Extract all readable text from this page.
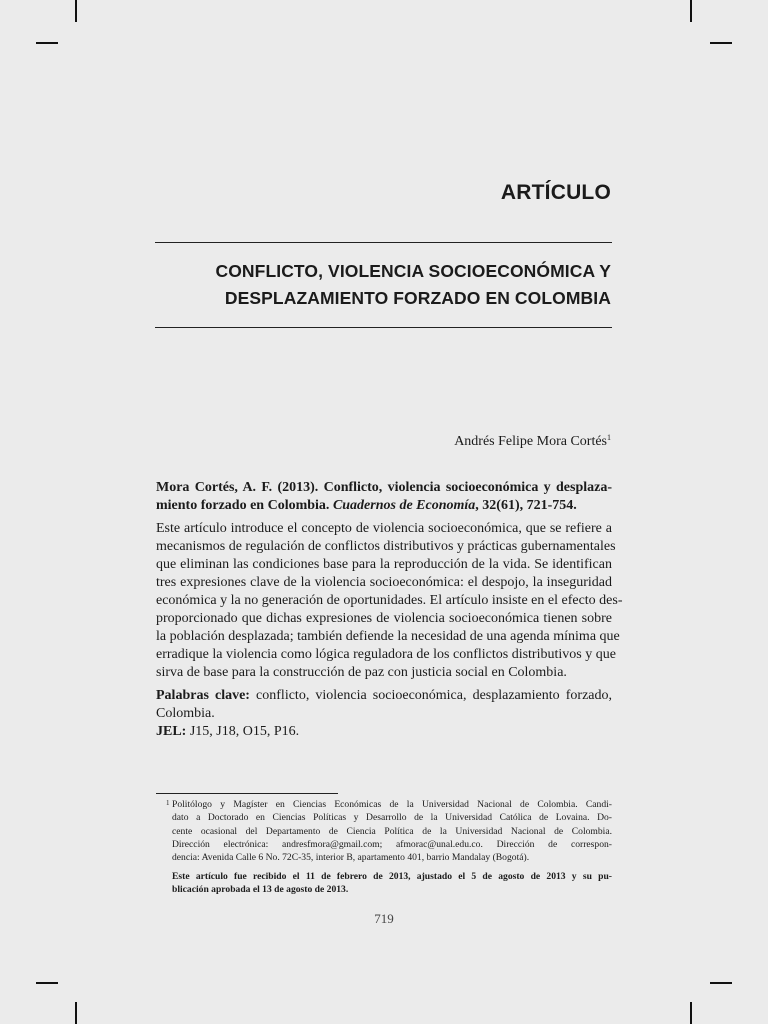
ARTÍCULO
CONFLICTO, VIOLENCIA SOCIOECONÓMICA Y
DESPLAZAMIENTO FORZADO EN COLOMBIA
Andrés Felipe Mora Cortés$^1$
Mora Cortés, A. F. (2013). Conflicto, violencia socioeconómica y desplaza-
miento forzado en Colombia. Cuadernos de Economía, 32(61), 721-754.
Este artículo introduce el concepto de violencia socioeconómica, que se refiere a
mecanismos de regulación de conflictos distributivos y prácticas gubernamentales
que eliminan las condiciones base para la reproducción de la vida. Se identifican
tres expresiones clave de la violencia socioeconómica: el despojo, la inseguridad
económica y la no generación de oportunidades. El artículo insiste en el efecto des-
proporcionado que dichas expresiones de violencia socioeconómica tienen sobre
la población desplazada; también defiende la necesidad de una agenda mínima que
erradique la violencia como lógica reguladora de los conflictos distributivos y que
sirva de base para la construcción de paz con justicia social en Colombia.
Palabras clave: conflicto, violencia socioeconómica, desplazamiento forzado,
Colombia.
JEL: J15, J18, O15, P16.
1 Politólogo y Magíster en Ciencias Económicas de la Universidad Nacional de Colombia. Candi-
dato a Doctorado en Ciencias Políticas y Desarrollo de la Universidad Católica de Lovaina. Do-
cente ocasional del Departamento de Ciencia Política de la Universidad Nacional de Colombia.
Dirección electrónica: andresfmora@gmail.com; afmorac@unal.edu.co. Dirección de correspon-
dencia: Avenida Calle 6 No. 72C-35, interior B, apartamento 401, barrio Mandalay (Bogotá).
Este artículo fue recibido el 11 de febrero de 2013, ajustado el 5 de agosto de 2013 y su pu-
blicación aprobada el 13 de agosto de 2013.
719
